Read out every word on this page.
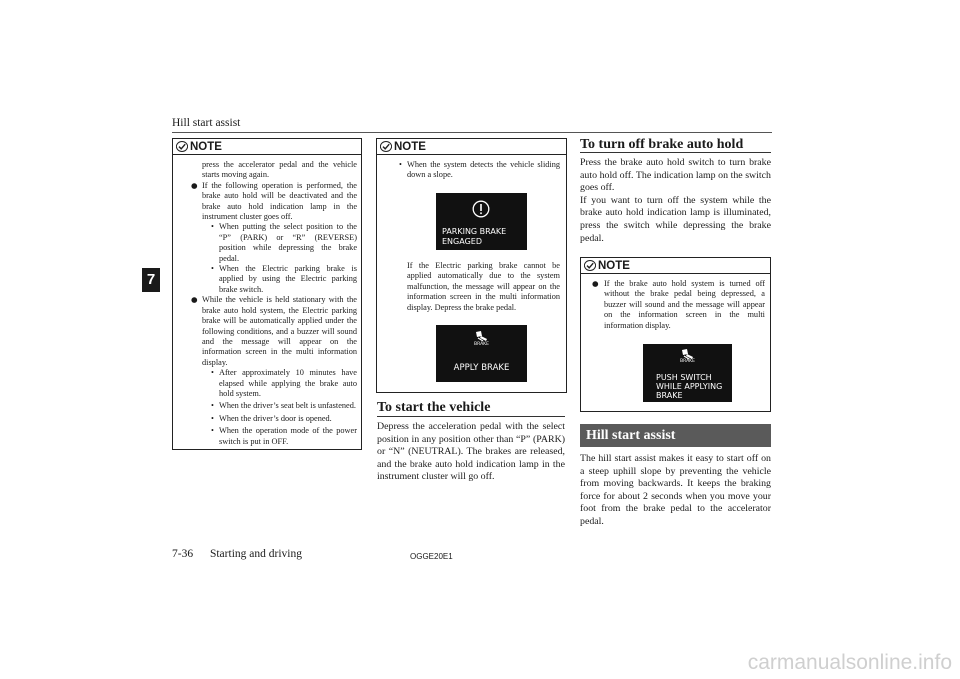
Hill start assist
7
NOTE

press the accelerator pedal and the vehicle starts moving again.

● If the following operation is performed, the brake auto hold will be deactivated and the brake auto hold indication lamp in the instrument cluster goes off.
• When putting the select position to the “P” (PARK) or “R” (REVERSE) position while depressing the brake pedal.
• When the Electric parking brake is applied by using the Electric parking brake switch.
● While the vehicle is held stationary with the brake auto hold system, the Electric parking brake will be automatically applied under the following conditions, and a buzzer will sound and the message will appear on the information screen in the multi information display.
• After approximately 10 minutes have elapsed while applying the brake auto hold system.
• When the driver’s seat belt is unfastened.
• When the driver’s door is opened.
• When the operation mode of the power switch is put in OFF.
NOTE
• When the system detects the vehicle sliding down a slope.
PARKING BRAKE
ENGAGED

If the Electric parking brake cannot be applied automatically due to the system malfunction, the message will appear on the information screen in the multi information display. Depress the brake pedal.

BRAKE
APPLY BRAKE
To start the vehicle
Depress the acceleration pedal with the select position in any position other than “P” (PARK) or “N” (NEUTRAL). The brakes are released, and the brake auto hold indication lamp in the instrument cluster will go off.
To turn off brake auto hold

Press the brake auto hold switch to turn brake auto hold off. The indication lamp on the switch goes off.

If you want to turn off the system while the brake auto hold indication lamp is illuminated, press the switch while depressing the brake pedal.

NOTE
● If the brake auto hold system is turned off without the brake pedal being depressed, a buzzer will sound and the message will appear on the information screen in the multi information display.
BRAKE
PUSH SWITCH
WHILE APPLYING
BRAKE
Hill start assist
The hill start assist makes it easy to start off on a steep uphill slope by preventing the vehicle from moving backwards. It keeps the braking force for about 2 seconds when you move your foot from the brake pedal to the accelerator pedal.
7-36 Starting and driving	OGGE20E1
carmanualsonline.info
